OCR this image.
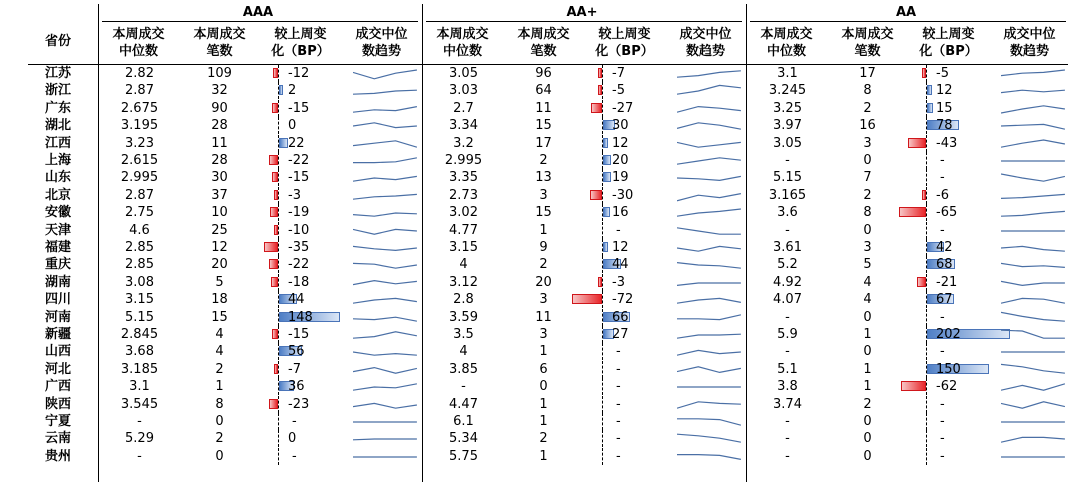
省份
AAA	AA+	AA
本周成交
中位数
本周成交
笔数
较上周变
化（BP）
成交中位
数趋势
本周成交
中位数
本周成交
笔数
较上周变
化（BP）
成交中位
数趋势
本周成交
中位数
本周成交
笔数
较上周变
化（BP）
成交中位
数趋势
江苏	2.82	109	-12	3.05	96	-7	3.1	17	-5
浙江	2.87	32	2	3.03	64	-5	3.245	8	12
广东	2.675	90	-15	2.7	11	-27	3.25	2	15
湖北	3.195	28	0	3.34	15	30	3.97	16	78
江西	3.23	11	22	3.2	17	12	3.05	3	-43
上海	2.615	28	-22	2.995	2	20	-	0	-
山东	2.995	30	-15	3.35	13	19	5.15	7	-
北京	2.87	37	-3	2.73	3	-30	3.165	2	-6
安徽	2.75	10	-19	3.02	15	16	3.6	8	-65
天津	4.6	25	-10	4.77	1	-	-	0	-
福建	2.85	12	-35	3.15	9	12	3.61	3	42
重庆	2.85	20	-22	4	2	44	5.2	5	68
湖南	3.08	5	-18	3.12	20	-3	4.92	4	-21
四川	3.15	18	44	2.8	3	-72	4.07	4	67
河南	5.15	15	148	3.59	11	66	-	0	-
新疆	2.845	4	-15	3.5	3	27	5.9	1	202
山西	3.68	4	56	4	1	-	-	0	-
河北	3.185	2	-7	3.85	6	-	5.1	1	150
广西	3.1	1	36	-	0	-	3.8	1	-62
陕西	3.545	8	-23	4.47	1	-	3.74	2	-
宁夏	-	0	-	6.1	1	-	-	0	-
云南	5.29	2	0	5.34	2	-	-	0	-
贵州	-	0	-	5.75	1	-	-	0	-
